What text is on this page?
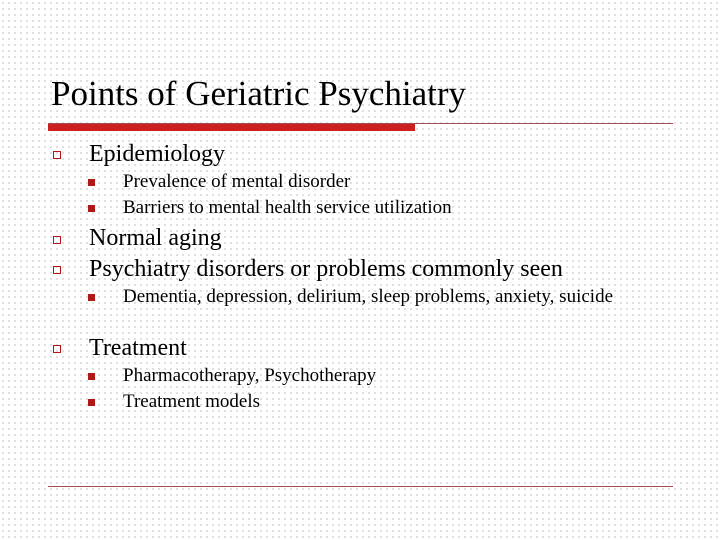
Points of Geriatric Psychiatry
Epidemiology
Prevalence of mental disorder
Barriers to mental health service utilization
Normal aging
Psychiatry disorders or problems commonly seen
Dementia, depression, delirium, sleep problems, anxiety, suicide
Treatment
Pharmacotherapy, Psychotherapy
Treatment models
